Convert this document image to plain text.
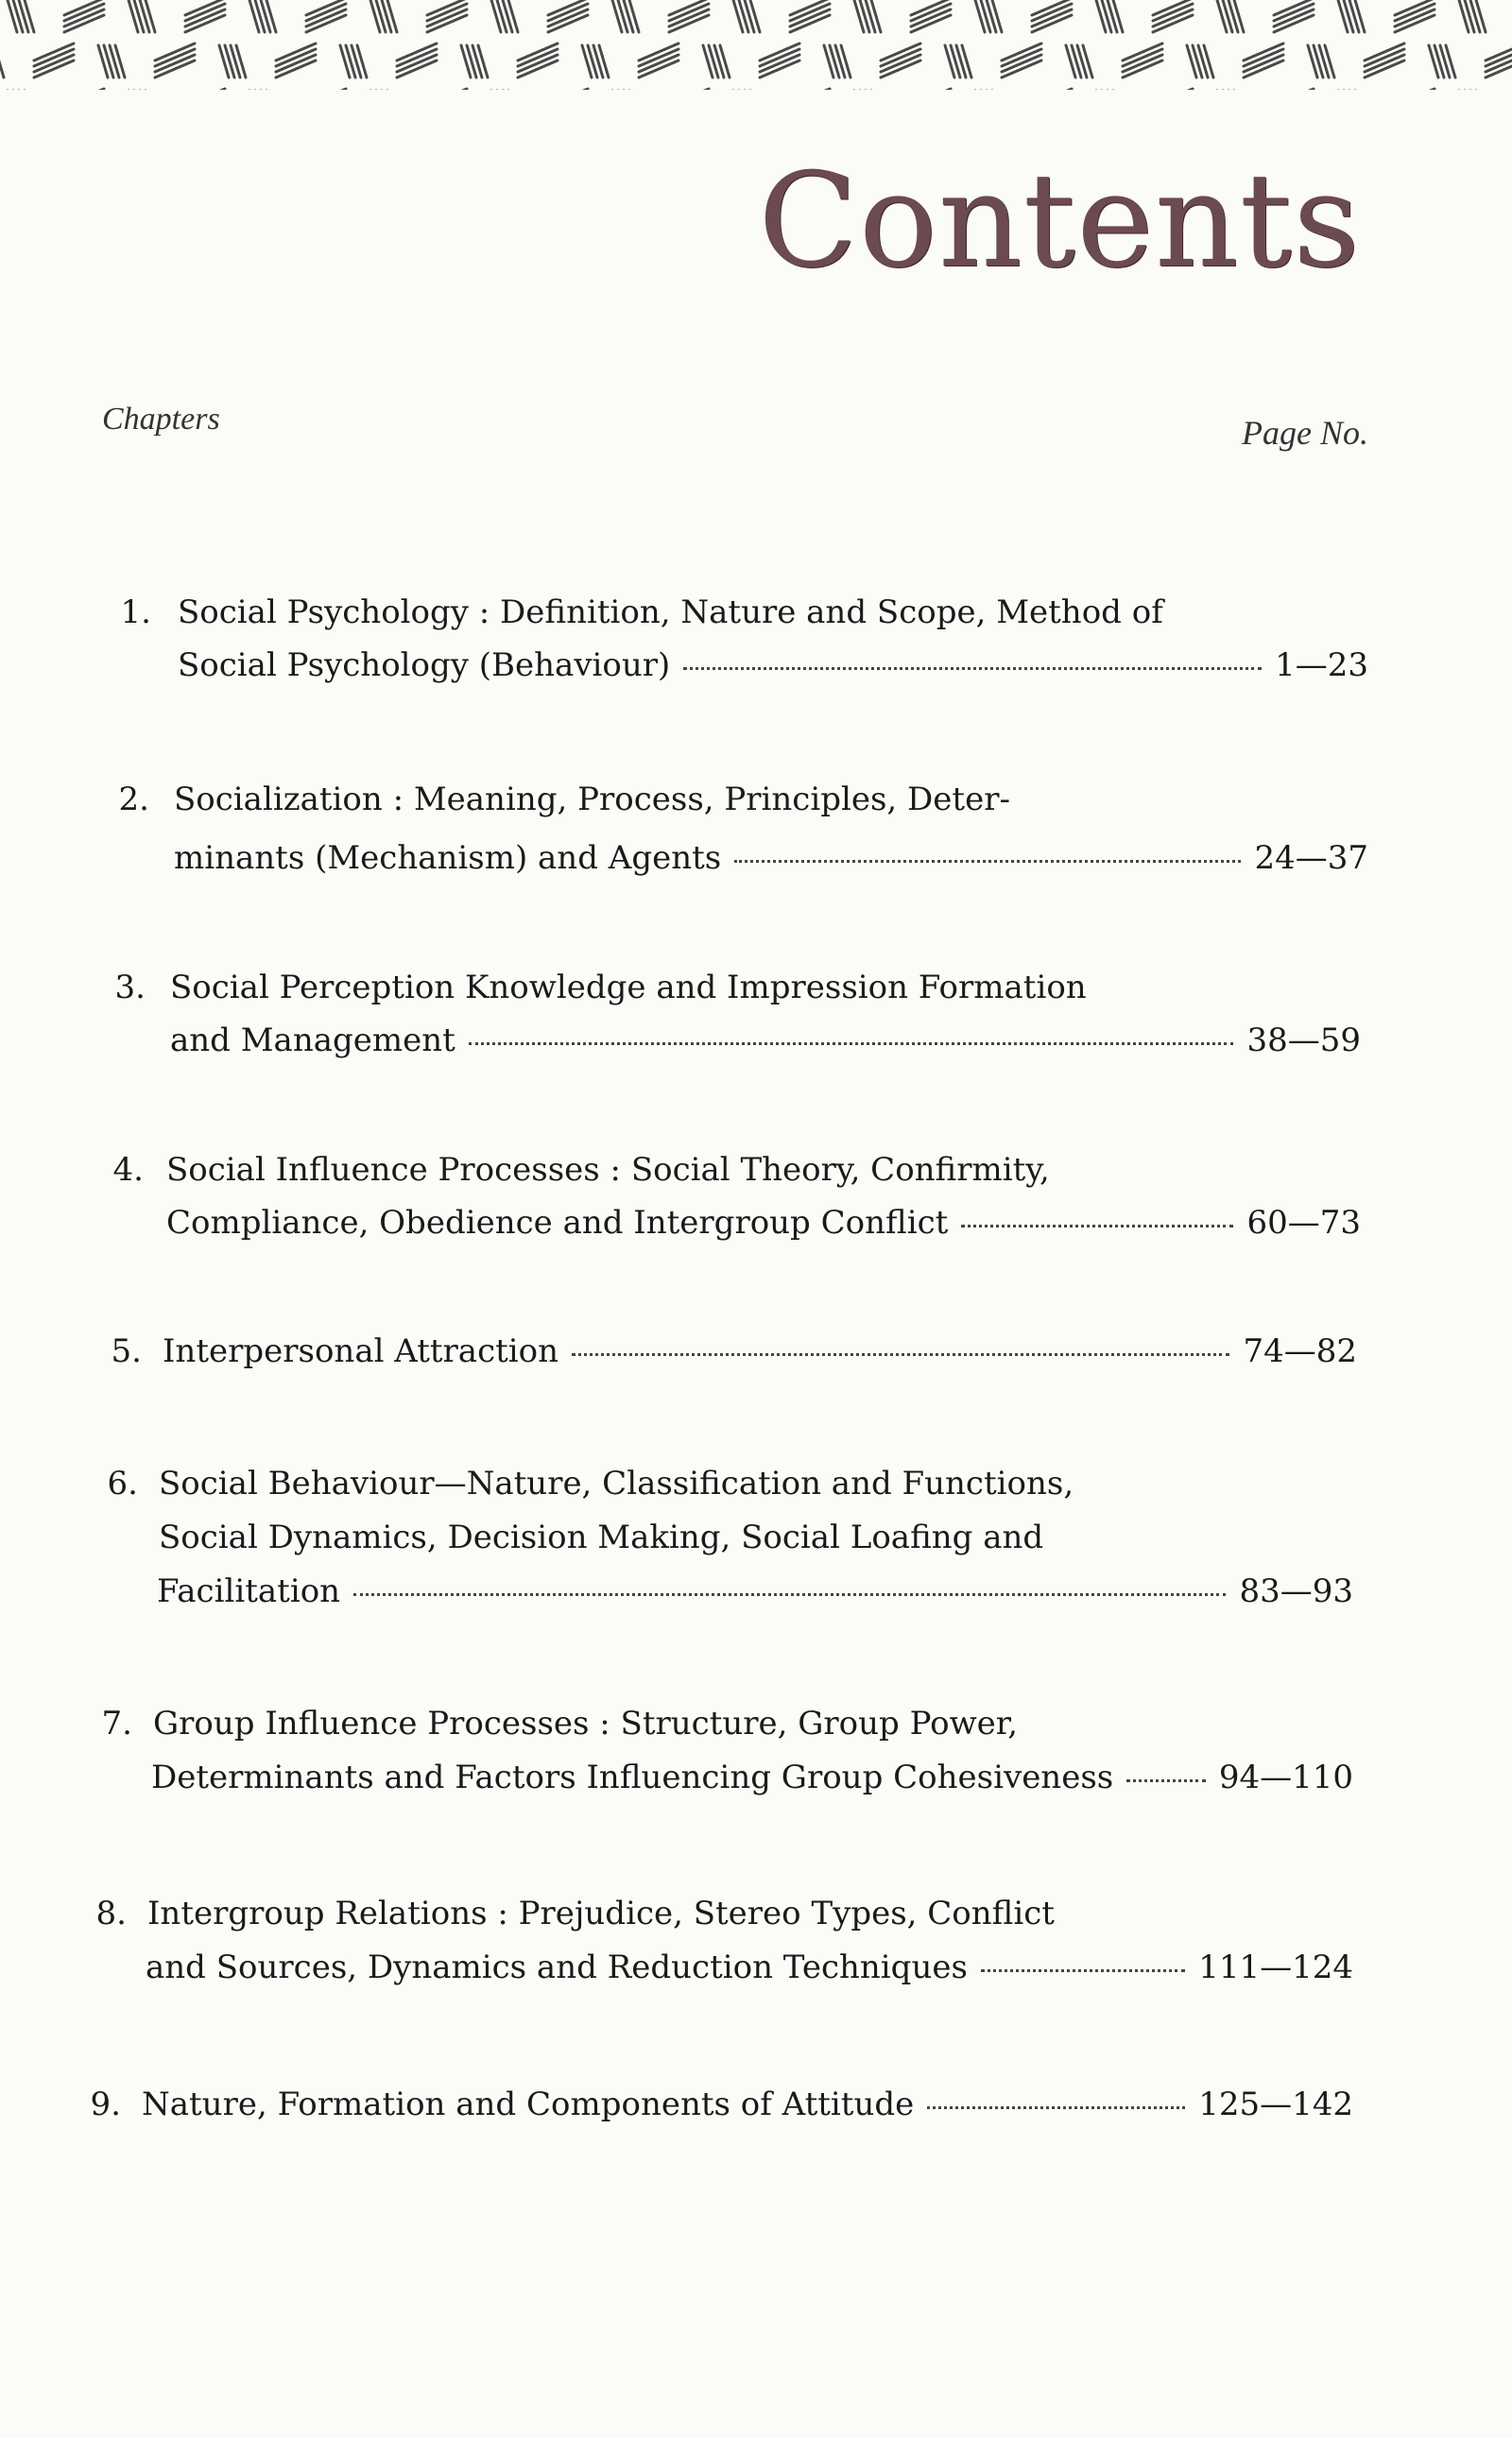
Contents
Chapters	Page No.
1. Social Psychology : Definition, Nature and Scope, Method of
Social Psychology (Behaviour)	1—23
2. Socialization : Meaning, Process, Principles, Deter-
minants (Mechanism) and Agents	24—37
3. Social Perception Knowledge and Impression Formation
and Management	38—59
4. Social Influence Processes : Social Theory, Confirmity,
Compliance, Obedience and Intergroup Conflict	60—73
5. Interpersonal Attraction	74—82
6. Social Behaviour—Nature, Classification and Functions,
Social Dynamics, Decision Making, Social Loafing and
Facilitation	83—93
7. Group Influence Processes : Structure, Group Power,
Determinants and Factors Influencing Group Cohesiveness	94—110
8. Intergroup Relations : Prejudice, Stereo Types, Conflict
and Sources, Dynamics and Reduction Techniques	111—124
9. Nature, Formation and Components of Attitude	125—142
